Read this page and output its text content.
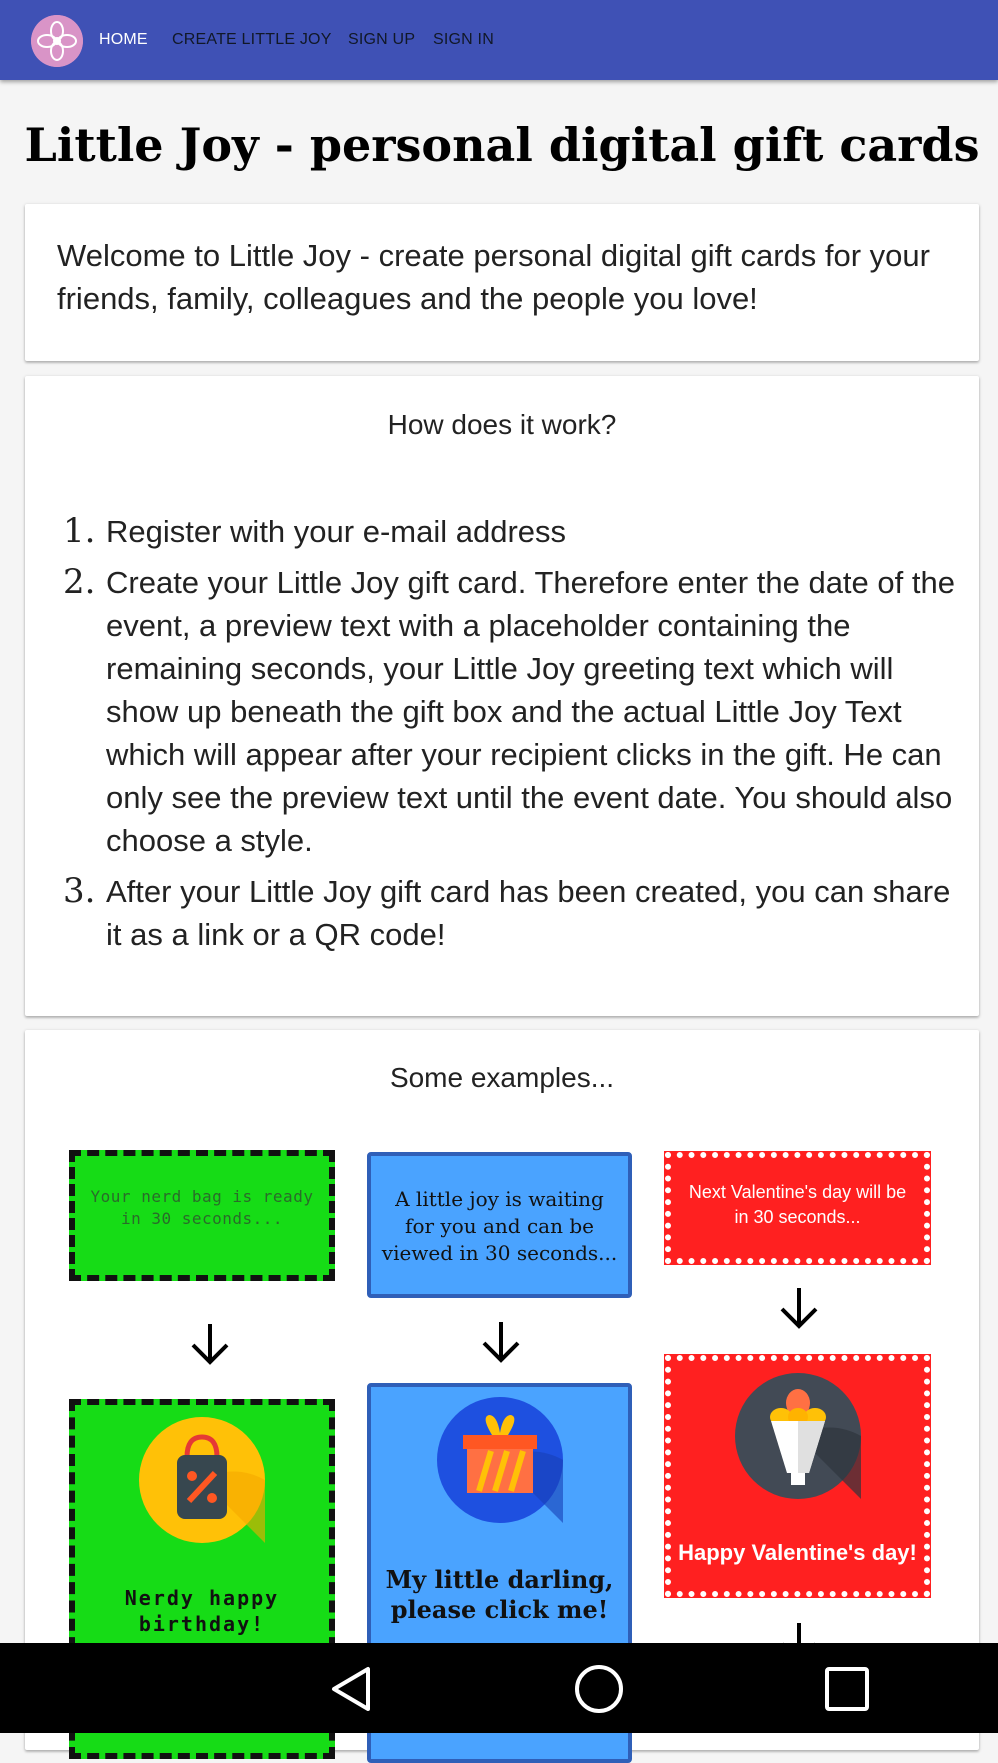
HOME CREATE LITTLE JOY SIGN UP SIGN IN
Little Joy - personal digital gift cards
Welcome to Little Joy - create personal digital gift cards for your friends, family, colleagues and the people you love!
How does it work?
1. Register with your e-mail address
2. Create your Little Joy gift card. Therefore enter the date of the event, a preview text with a placeholder containing the remaining seconds, your Little Joy greeting text which will show up beneath the gift box and the actual Little Joy Text which will appear after your recipient clicks in the gift. He can only see the preview text until the event date. You should also choose a style.
3. After your Little Joy gift card has been created, you can share it as a link or a QR code!
Some examples...
Your nerd bag is ready in 30 seconds...
Nerdy happy birthday!
A little joy is waiting for you and can be viewed in 30 seconds...
My little darling, please click me!
Next Valentine's day will be in 30 seconds...
Happy Valentine's day!
